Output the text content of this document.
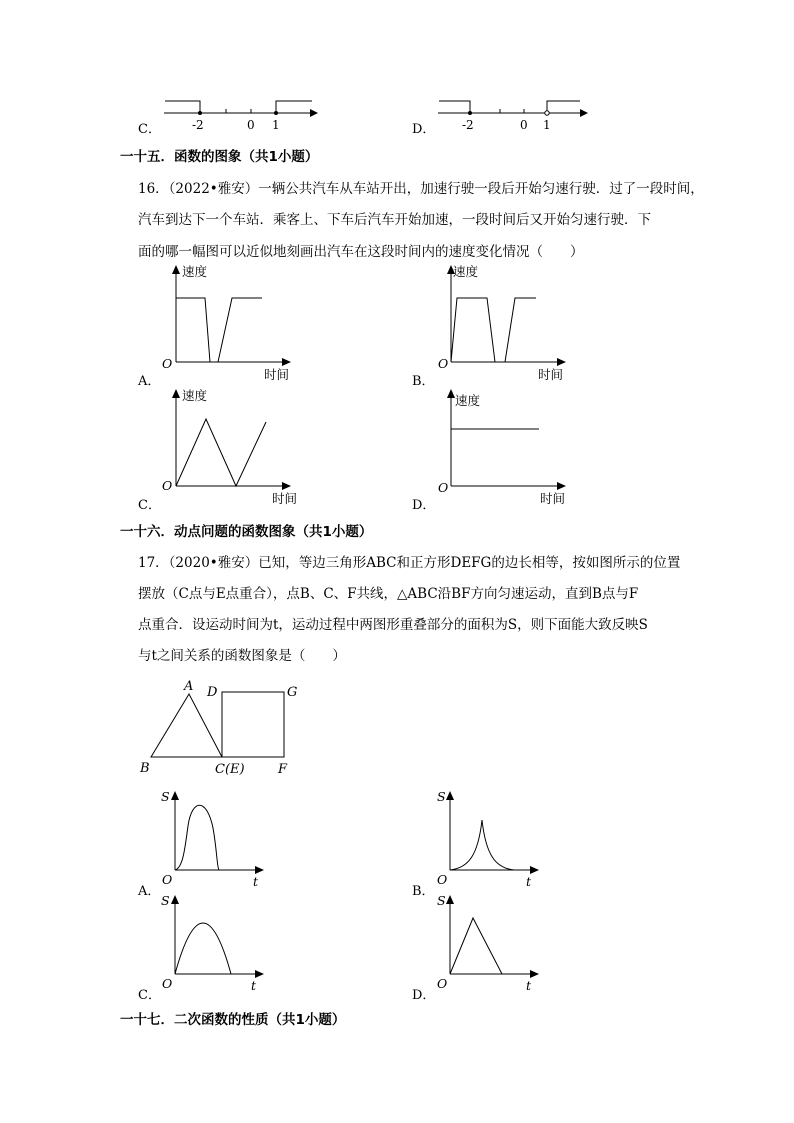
C．	-2	0 1	D． -2	0 1
一十五．函数的图象（共1小题）
16．（2022•雅安）一辆公共汽车从车站开出，加速行驶一段后开始匀速行驶．过了一段时间，
汽车到达下一个车站．乘客上、下车后汽车开始加速，一段时间后又开始匀速行驶．下
面的哪一幅图可以近似地刻画出汽车在这段时间内的速度变化情况（　　）
速度
O
时间
A．
速度
O
时间
B．
速度
O
时间
C．
速度
O
时间
D．
一十六．动点问题的函数图象（共1小题）
17．（2020•雅安）已知，等边三角形ABC和正方形DEFG的边长相等，按如图所示的位置
摆放（C点与E点重合），点B、C、F共线，△ABC沿BF方向匀速运动，直到B点与F
点重合．设运动时间为t，运动过程中两图形重叠部分的面积为S，则下面能大致反映S
与t之间关系的函数图象是（　　）
A
B	C(E)
D	G
F
S
O	t
A．
S
O	t
B．
S
O	t
C．
S
O	t
D．
一十七．二次函数的性质（共1小题）
